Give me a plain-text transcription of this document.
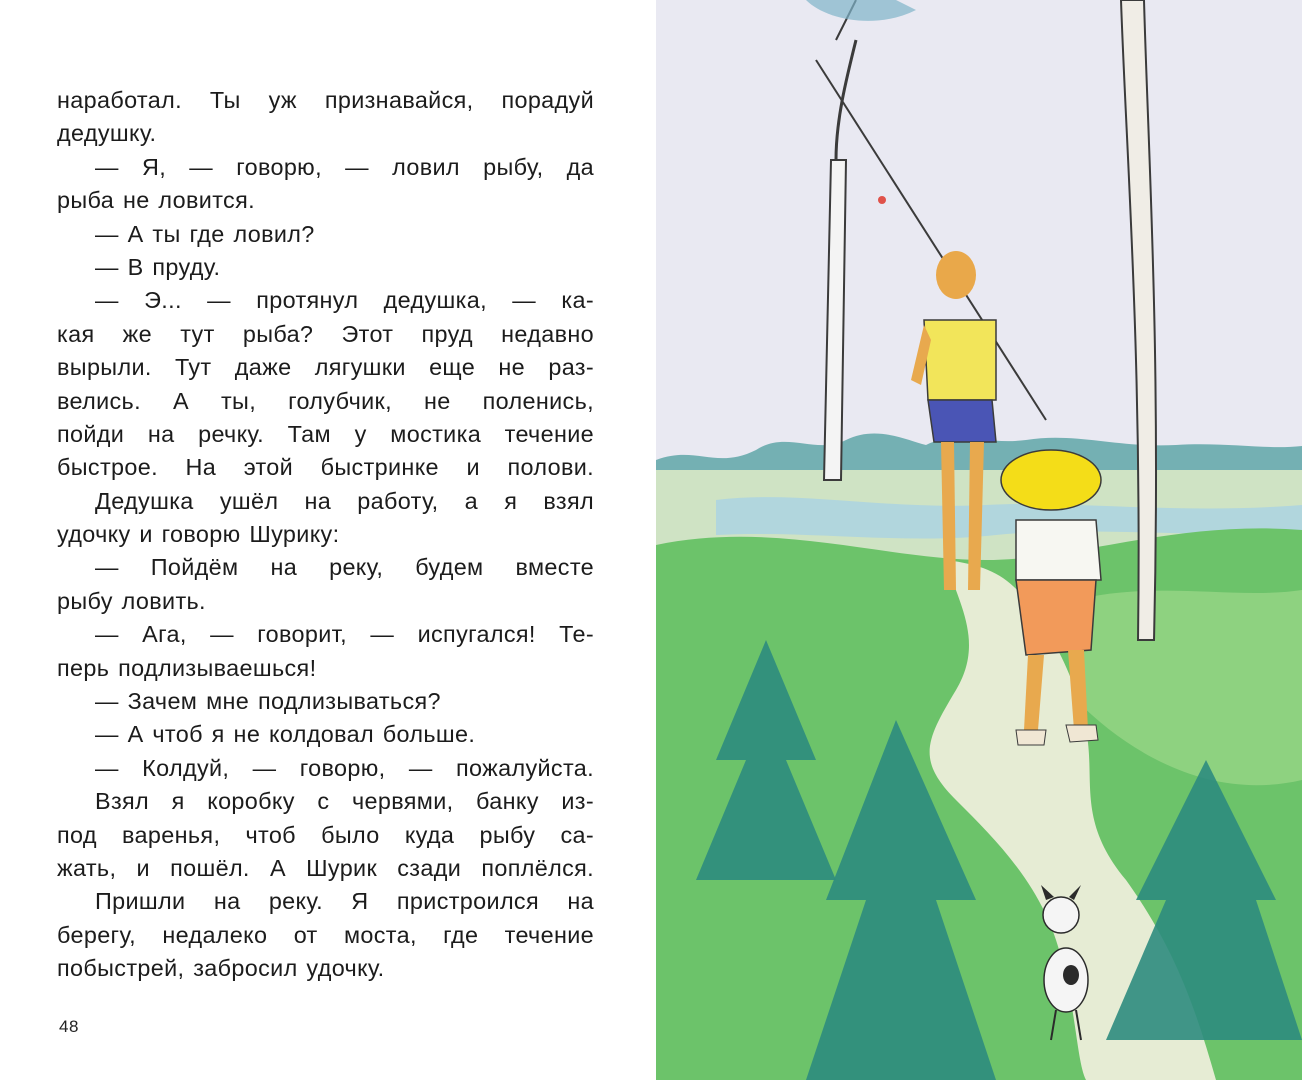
наработал. Ты уж признавайся, порадуй
дедушку.
— Я, — говорю, — ловил рыбу, да
рыба не ловится.
— А ты где ловил?
— В пруду.
— Э... — протянул дедушка, — ка-
кая же тут рыба? Этот пруд недавно
вырыли. Тут даже лягушки еще не раз-
велись. А ты, голубчик, не поленись,
пойди на речку. Там у мостика течение
быстрое. На этой быстринке и полови.
Дедушка ушёл на работу, а я взял
удочку и говорю Шурику:
— Пойдём на реку, будем вместе
рыбу ловить.
— Ага, — говорит, — испугался! Те-
перь подлизываешься!
— Зачем мне подлизываться?
— А чтоб я не колдовал больше.
— Колдуй, — говорю, — пожалуйста.
Взял я коробку с червями, банку из-
под варенья, чтоб было куда рыбу са-
жать, и пошёл. А Шурик сзади поплёлся.
Пришли на реку. Я пристроился на
берегу, недалеко от моста, где течение
побыстрей, забросил удочку.
48
